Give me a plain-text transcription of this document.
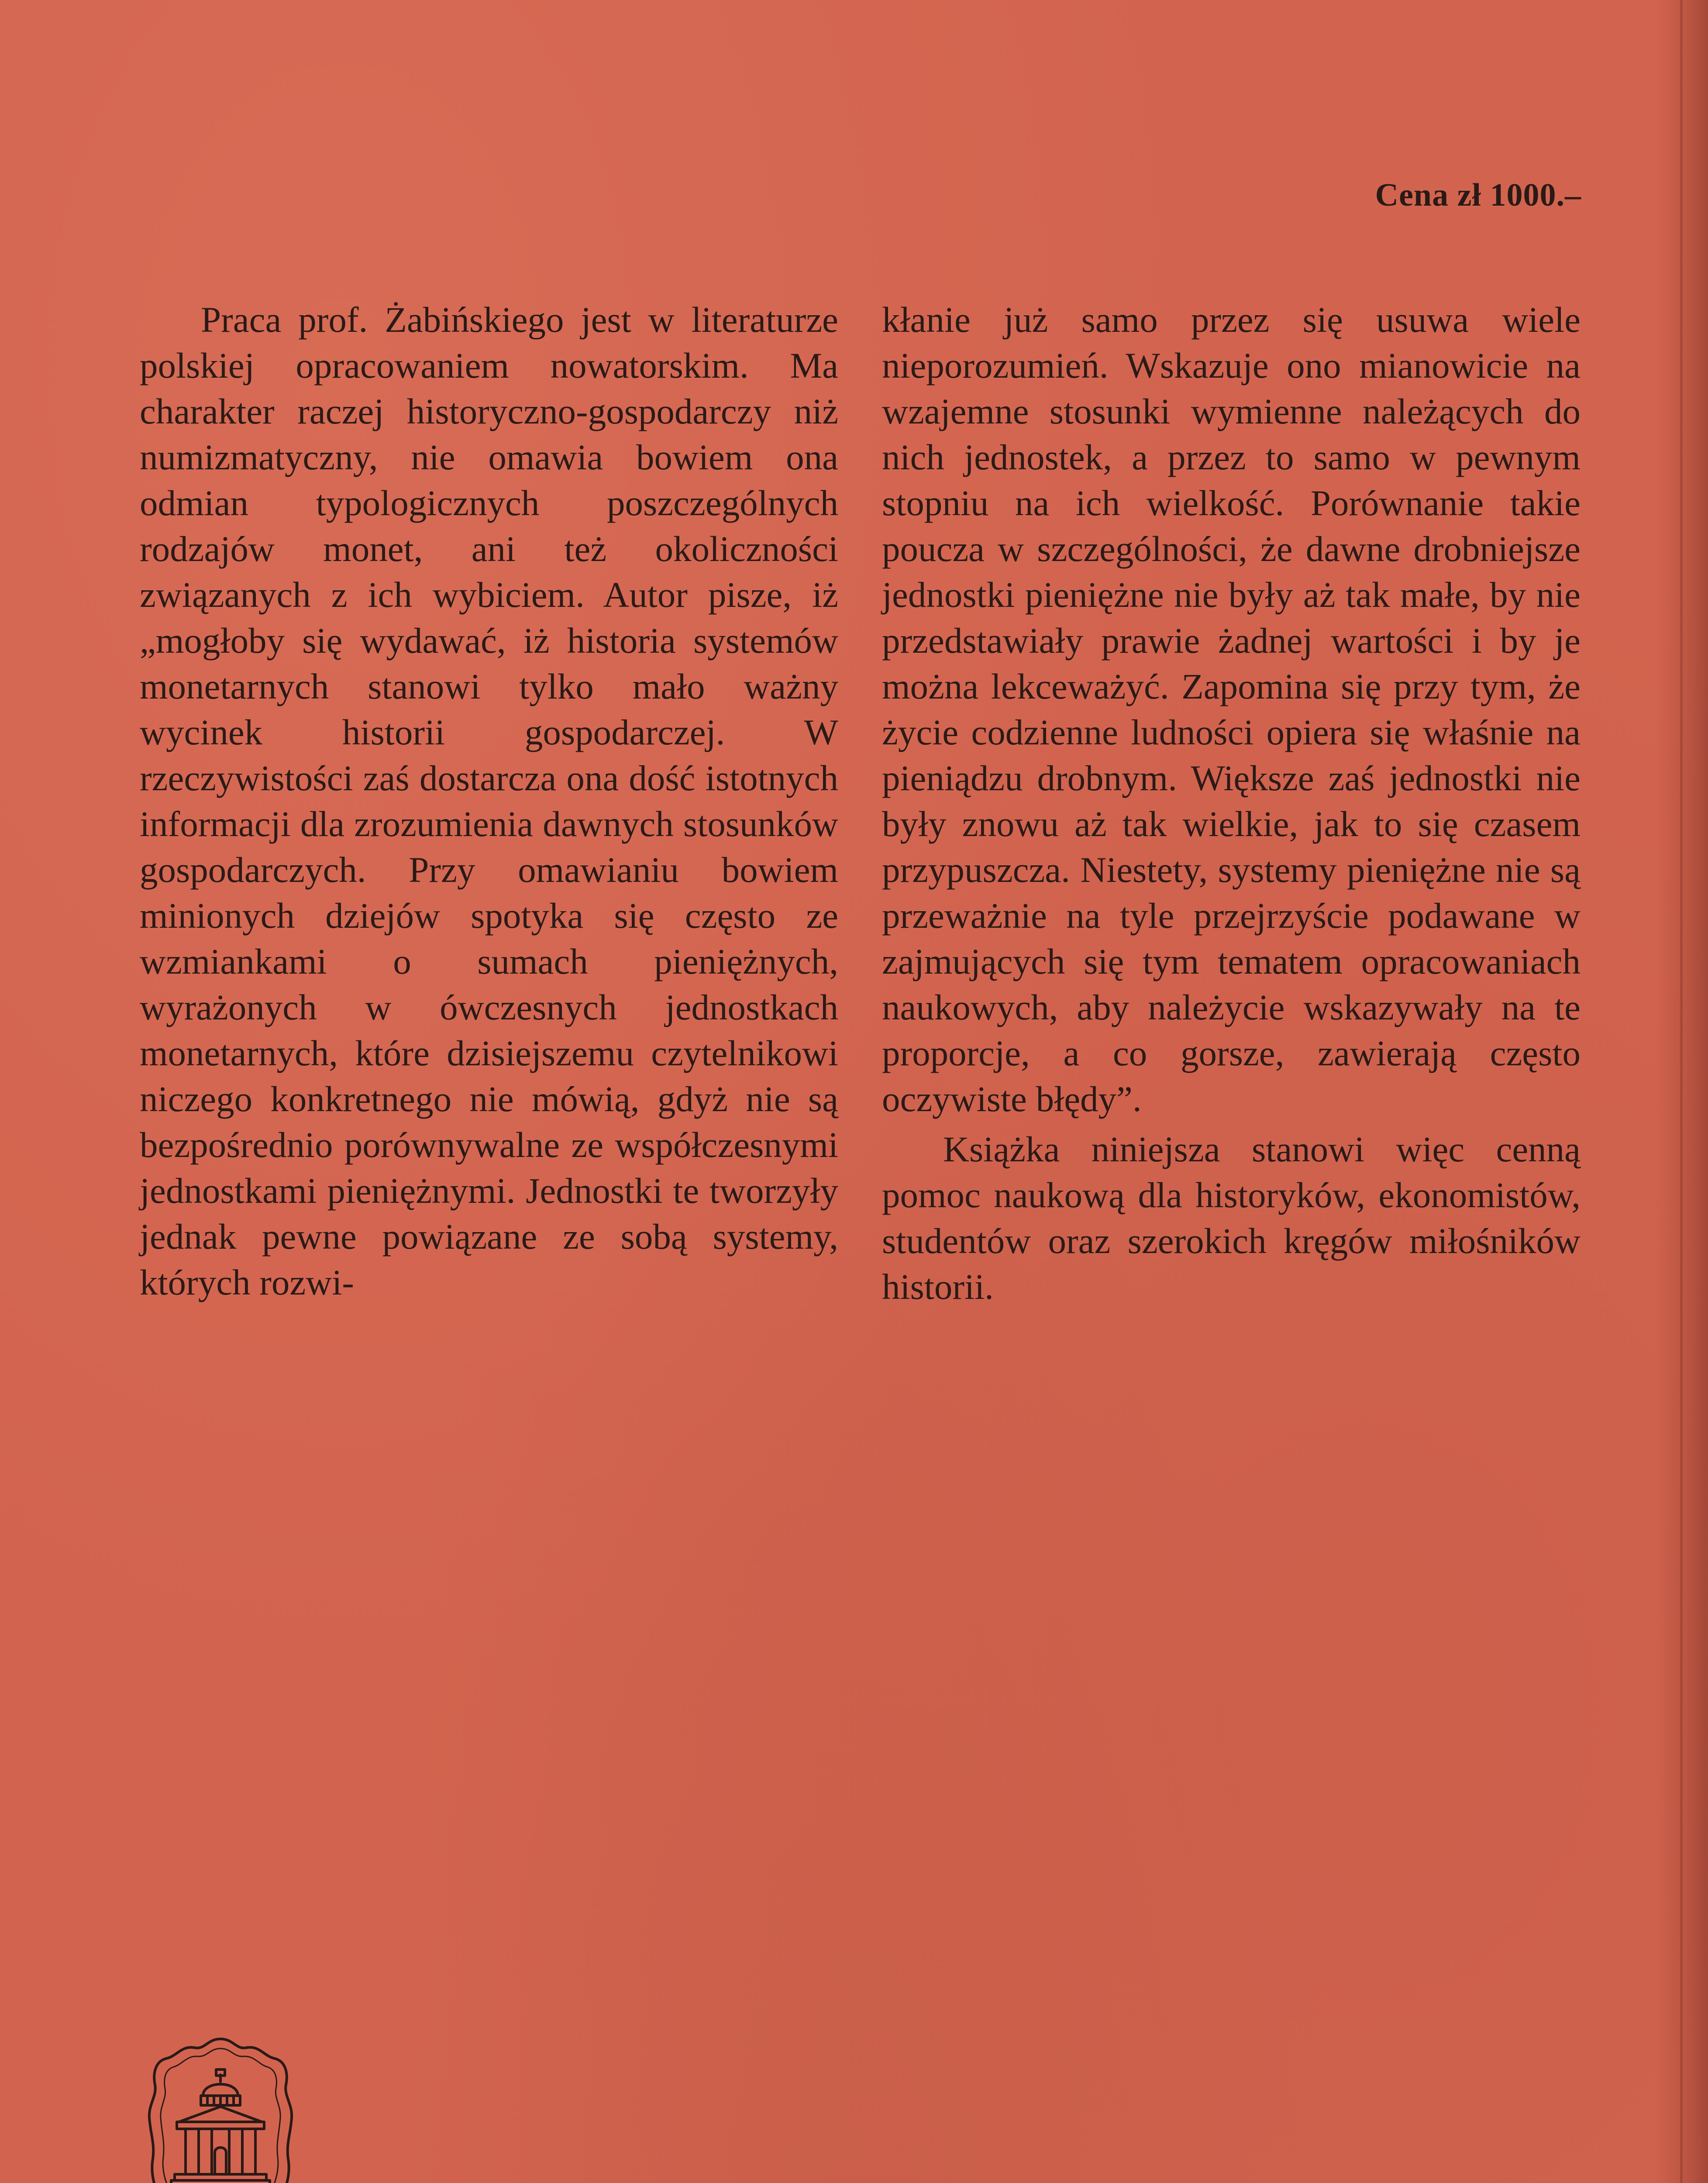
Cena zł 1000.–

Praca prof. Żabińskiego jest w literaturze polskiej opracowaniem nowatorskim. Ma charakter raczej historyczno-gospodarczy niż numizmatyczny, nie omawia bowiem ona odmian typologicznych poszczególnych rodzajów monet, ani też okoliczności związanych z ich wybiciem. Autor pisze, iż „mogłoby się wydawać, iż historia systemów monetarnych stanowi tylko mało ważny wycinek historii gospodarczej. W rzeczywistości zaś dostarcza ona dość istotnych informacji dla zrozumienia dawnych stosunków gospodarczych. Przy omawianiu bowiem minionych dziejów spotyka się często ze wzmiankami o sumach pieniężnych, wyrażonych w ówczesnych jednostkach monetarnych, które dzisiejszemu czytelnikowi niczego konkretnego nie mówią, gdyż nie są bezpośrednio porównywalne ze współczesnymi jednostkami pieniężnymi. Jednostki te tworzyły jednak pewne powiązane ze sobą systemy, których rozwi-

kłanie już samo przez się usuwa wiele nieporozumień. Wskazuje ono mianowicie na wzajemne stosunki wymienne należących do nich jednostek, a przez to samo w pewnym stopniu na ich wielkość. Porównanie takie poucza w szczególności, że dawne drobniejsze jednostki pieniężne nie były aż tak małe, by nie przedstawiały prawie żadnej wartości i by je można lekceważyć. Zapomina się przy tym, że życie codzienne ludności opiera się właśnie na pieniądzu drobnym. Większe zaś jednostki nie były znowu aż tak wielkie, jak to się czasem przypuszcza. Niestety, systemy pieniężne nie są przeważnie na tyle przejrzyście podawane w zajmujących się tym tematem opracowaniach naukowych, aby należycie wskazywały na te proporcje, a co gorsze, zawierają często oczywiste błędy”.

Książka niniejsza stanowi więc cenną pomoc naukową dla historyków, ekonomistów, studentów oraz szerokich kręgów miłośników historii.
